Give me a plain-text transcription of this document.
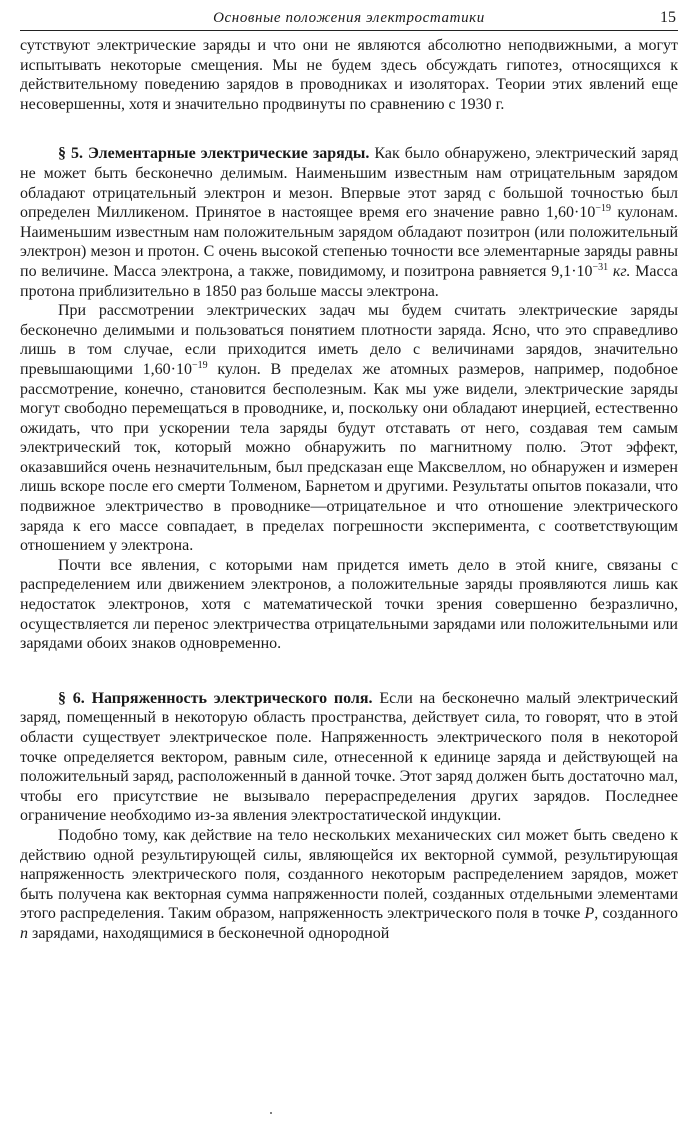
Основные положения электростатики	15

сутствуют электрические заряды и что они не являются абсолютно неподвижными, а могут испытывать некоторые смещения. Мы не будем здесь обсуждать гипотез, относящихся к действительному поведению зарядов в проводниках и изоляторах. Теории этих явлений еще несовершенны, хотя и значительно продвинуты по сравнению с 1930 г.

§ 5. Элементарные электрические заряды. Как было обнаружено, электрический заряд не может быть бесконечно делимым. Наименьшим известным нам отрицательным зарядом обладают отрицательный электрон и мезон. Впервые этот заряд с большой точностью был определен Милликеном. Принятое в настоящее время его значение равно $1,60\cdot 10^{-19}$ кулонам. Наименьшим известным нам положительным зарядом обладают позитрон (или положительный электрон) мезон и протон. С очень высокой степенью точности все элементарные заряды равны по величине. Масса электрона, а также, повидимому, и позитрона равняется $9,1\cdot 10^{-31}$ кг. Масса протона приблизительно в 1850 раз больше массы электрона.

При рассмотрении электрических задач мы будем считать электрические заряды бесконечно делимыми и пользоваться понятием плотности заряда. Ясно, что это справедливо лишь в том случае, если приходится иметь дело с величинами зарядов, значительно превышающими $1,60\cdot 10^{-19}$ кулон. В пределах же атомных размеров, например, подобное рассмотрение, конечно, становится бесполезным. Как мы уже видели, электрические заряды могут свободно перемещаться в проводнике, и, поскольку они обладают инерцией, естественно ожидать, что при ускорении тела заряды будут отставать от него, создавая тем самым электрический ток, который можно обнаружить по магнитному полю. Этот эффект, оказавшийся очень незначительным, был предсказан еще Максвеллом, но обнаружен и измерен лишь вскоре после его смерти Толменом, Барнетом и другими. Результаты опытов показали, что подвижное электричество в проводнике—отрицательное и что отношение электрического заряда к его массе совпадает, в пределах погрешности эксперимента, с соответствующим отношением у электрона.

Почти все явления, с которыми нам придется иметь дело в этой книге, связаны с распределением или движением электронов, а положительные заряды проявляются лишь как недостаток электронов, хотя с математической точки зрения совершенно безразлично, осуществляется ли перенос электричества отрицательными зарядами или положительными или зарядами обоих знаков одновременно.

§ 6. Напряженность электрического поля. Если на бесконечно малый электрический заряд, помещенный в некоторую область пространства, действует сила, то говорят, что в этой области существует электрическое поле. Напряженность электрического поля в некоторой точке определяется вектором, равным силе, отнесенной к единице заряда и действующей на положительный заряд, расположенный в данной точке. Этот заряд должен быть достаточно мал, чтобы его присутствие не вызывало перераспределения других зарядов. Последнее ограничение необходимо из-за явления электростатической индукции.

Подобно тому, как действие на тело нескольких механических сил может быть сведено к действию одной результирующей силы, являющейся их векторной суммой, результирующая напряженность электрического поля, созданного некоторым распределением зарядов, может быть получена как векторная сумма напряженности полей, созданных отдельными элементами этого распределения. Таким образом, напряженность электрического поля в точке P, созданного n зарядами, находящимися в бесконечной однородной
